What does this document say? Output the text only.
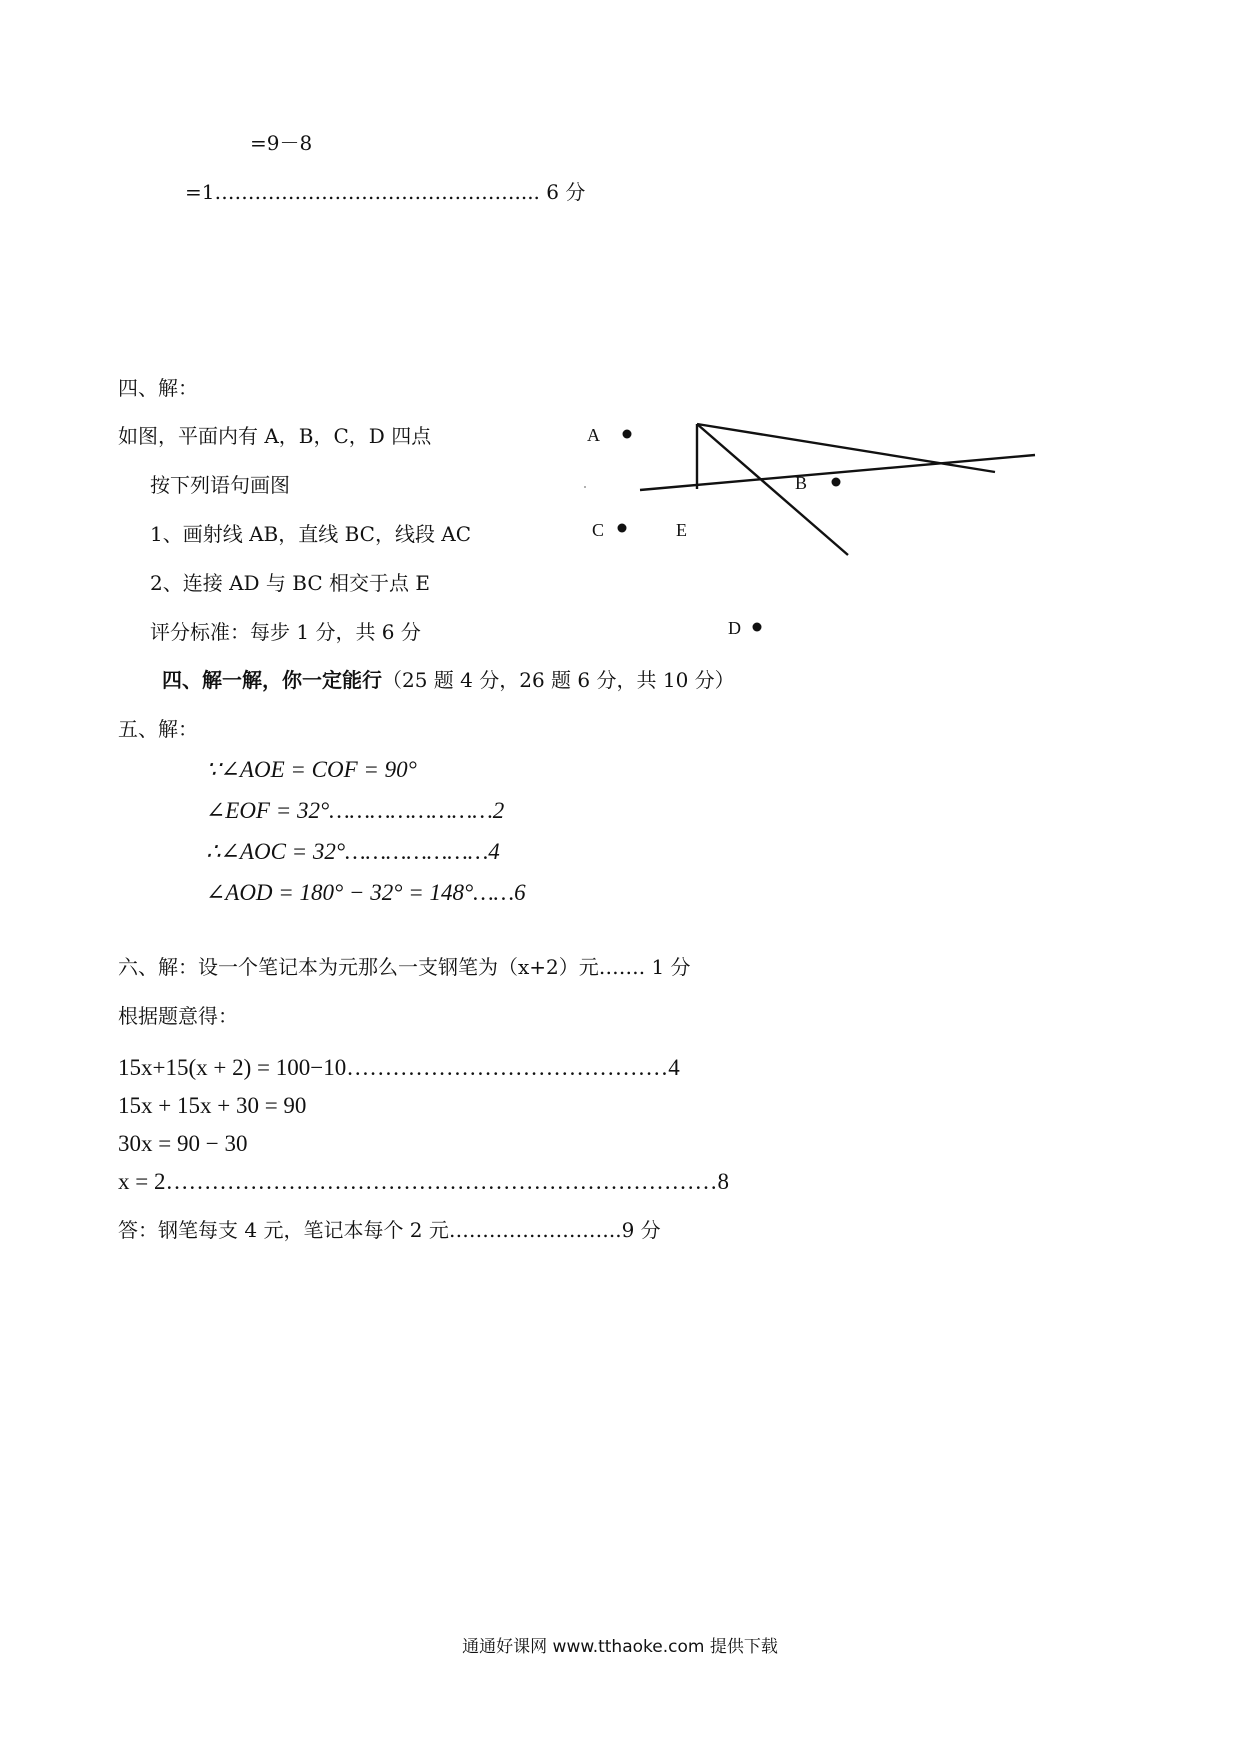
=9－8
=1……………………………………….... 6 分
四、解：
如图，平面内有 A，B，C，D 四点
按下列语句画图
1、画射线 AB，直线 BC，线段 AC
2、连接 AD 与 BC 相交于点 E
评分标准：每步 1 分，共 6 分
A
B
C	E
D
四、解一解，你一定能行（25 题 4 分，26 题 6 分，共 10 分）
五、解：
∵∠AOE = COF = 90°
∠EOF = 32°……………………2
∴∠AOC = 32°…………………4
∠AOD = 180° − 32° = 148°……6
六、解：设一个笔记本为元那么一支钢笔为（x+2）元……. 1 分
根据题意得：
15x+15(x + 2) = 100−10……………………………………4
15x + 15x + 30 = 90
30x = 90 − 30
x = 2………………………………………………………………8
答：钢笔每支 4 元，笔记本每个 2 元……………………..9 分
通通好课网 www.tthaoke.com 提供下载
